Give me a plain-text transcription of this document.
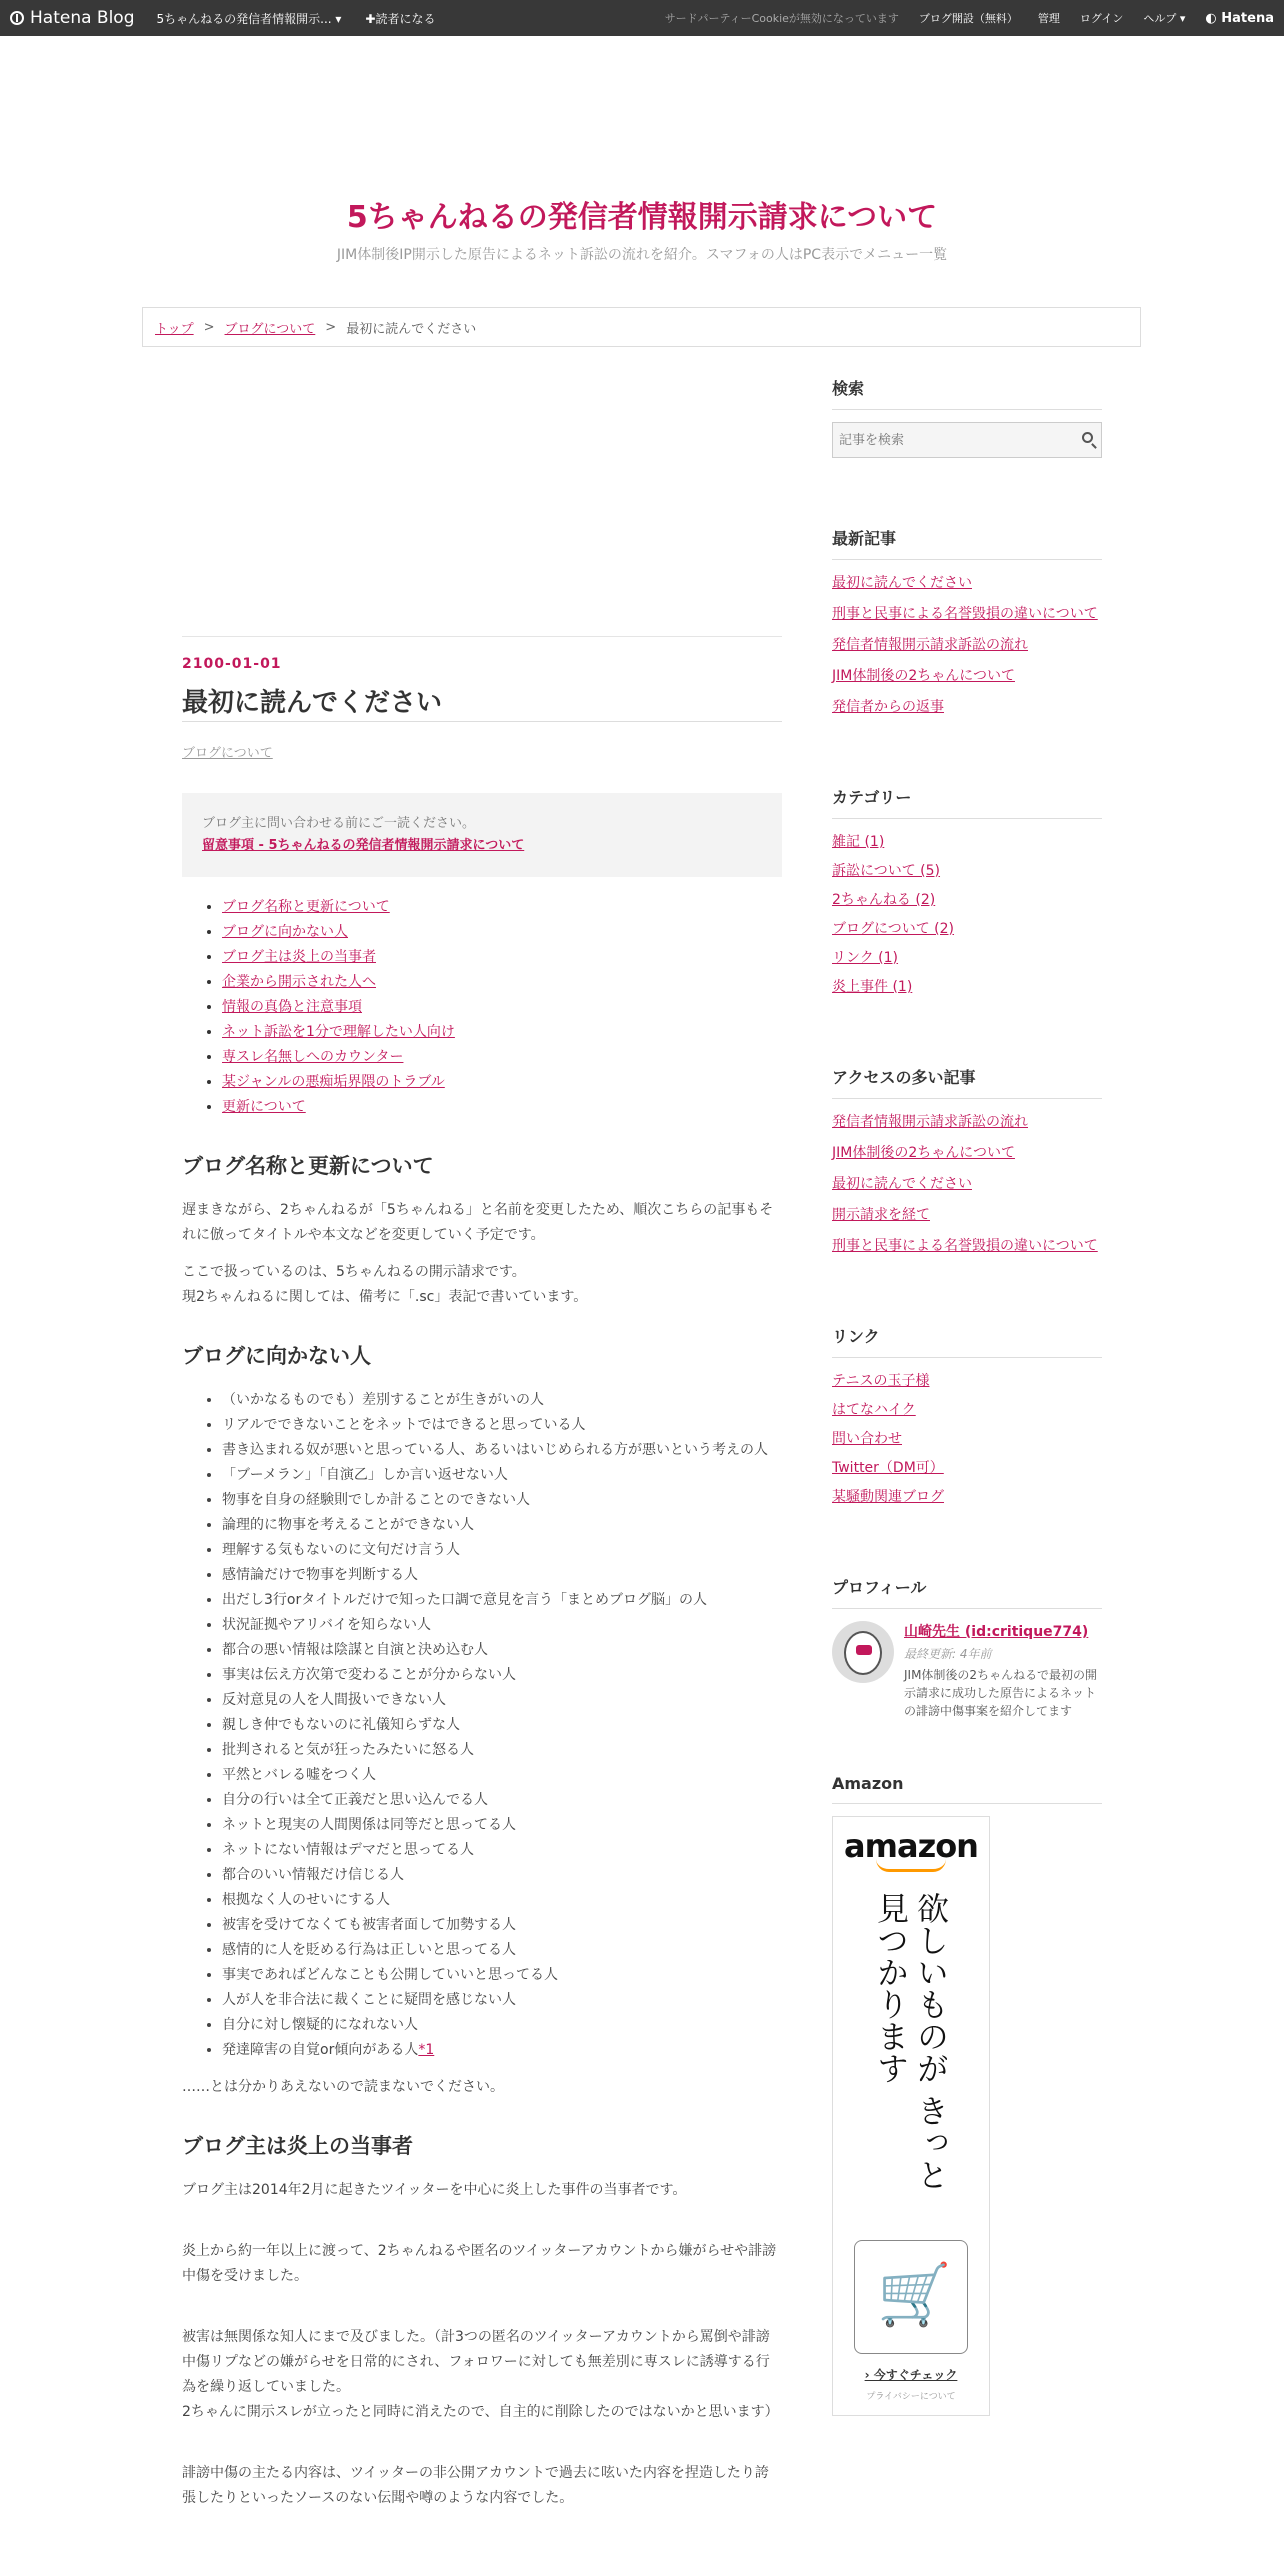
Hatena Blog 5ちゃんねるの発信者情報開示... ▾ ✚読者になる	サードパーティーCookieが無効になっています ブログ開設（無料） 管理 ログイン ヘルプ ▾ ◐ Hatena
5ちゃんねるの発信者情報開示請求について
JIM体制後IP開示した原告によるネット訴訟の流れを紹介。スマフォの人はPC表示でメニュー一覧
トップ > ブログについて > 最初に読んでください
2100-01-01
最初に読んでください
ブログについて
ブログ主に問い合わせる前にご一読ください。
留意事項 - 5ちゃんねるの発信者情報開示請求について
• ブログ名称と更新について
• ブログに向かない人
• ブログ主は炎上の当事者
• 企業から開示された人へ
• 情報の真偽と注意事項
• ネット訴訟を1分で理解したい人向け
• 専スレ名無しへのカウンター
• 某ジャンルの悪痴垢界隈のトラブル
• 更新について
ブログ名称と更新について

遅まきながら、2ちゃんねるが「5ちゃんねる」と名前を変更したため、順次こちらの記事もそれに倣ってタイトルや本文などを変更していく予定です。

ここで扱っているのは、5ちゃんねるの開示請求です。
現2ちゃんねるに関しては、備考に「.sc」表記で書いています。

ブログに向かない人
• （いかなるものでも）差別することが生きがいの人
• リアルでできないことをネットではできると思っている人
• 書き込まれる奴が悪いと思っている人、あるいはいじめられる方が悪いという考えの人
• 「ブーメラン」「自演乙」しか言い返せない人
• 物事を自身の経験則でしか計ることのできない人
• 論理的に物事を考えることができない人
• 理解する気もないのに文句だけ言う人
• 感情論だけで物事を判断する人
• 出だし3行orタイトルだけで知った口調で意見を言う「まとめブログ脳」の人
• 状況証拠やアリバイを知らない人
• 都合の悪い情報は陰謀と自演と決め込む人
• 事実は伝え方次第で変わることが分からない人
• 反対意見の人を人間扱いできない人
• 親しき仲でもないのに礼儀知らずな人
• 批判されると気が狂ったみたいに怒る人
• 平然とバレる嘘をつく人
• 自分の行いは全て正義だと思い込んでる人
• ネットと現実の人間関係は同等だと思ってる人
• ネットにない情報はデマだと思ってる人
• 都合のいい情報だけ信じる人
• 根拠なく人のせいにする人
• 被害を受けてなくても被害者面して加勢する人
• 感情的に人を貶める行為は正しいと思ってる人
• 事実であればどんなことも公開していいと思ってる人
• 人が人を非合法に裁くことに疑問を感じない人
• 自分に対し懐疑的になれない人
• 発達障害の自覚or傾向がある人*1

……とは分かりあえないので読まないでください。

ブログ主は炎上の当事者

ブログ主は2014年2月に起きたツイッターを中心に炎上した事件の当事者です。

炎上から約一年以上に渡って、2ちゃんねるや匿名のツイッターアカウントから嫌がらせや誹謗中傷を受けました。

被害は無関係な知人にまで及びました。（計3つの匿名のツイッターアカウントから罵倒や誹謗中傷リプなどの嫌がらせを日常的にされ、フォロワーに対しても無差別に専スレに誘導する行為を繰り返していました。
2ちゃんに開示スレが立ったと同時に消えたので、自主的に削除したのではないかと思います）

誹謗中傷の主たる内容は、ツイッターの非公開アカウントで過去に呟いた内容を捏造したり誇張したりといったソースのない伝聞や噂のような内容でした。

検索
記事を検索
最新記事
最初に読んでください
刑事と民事による名誉毀損の違いについて
発信者情報開示請求訴訟の流れ
JIM体制後の2ちゃんについて
発信者からの返事
カテゴリー
雑記 (1)
訴訟について (5)
2ちゃんねる (2)
ブログについて (2)
リンク (1)
炎上事件 (1)
アクセスの多い記事
発信者情報開示請求訴訟の流れ
JIM体制後の2ちゃんについて
最初に読んでください
開示請求を経て
刑事と民事による名誉毀損の違いについて
リンク
テニスの玉子様
はてなハイク
問い合わせ
Twitter（DM可）
某騒動関連ブログ
プロフィール
山崎先生 (id:critique774)
最終更新: 4年前
JIM体制後の2ちゃんねるで最初の開示請求に成功した原告によるネットの誹謗中傷事案を紹介してます
Amazon
amazon
欲しいものが きっと見つかります
🛒
› 今すぐチェック
プライバシーについて
